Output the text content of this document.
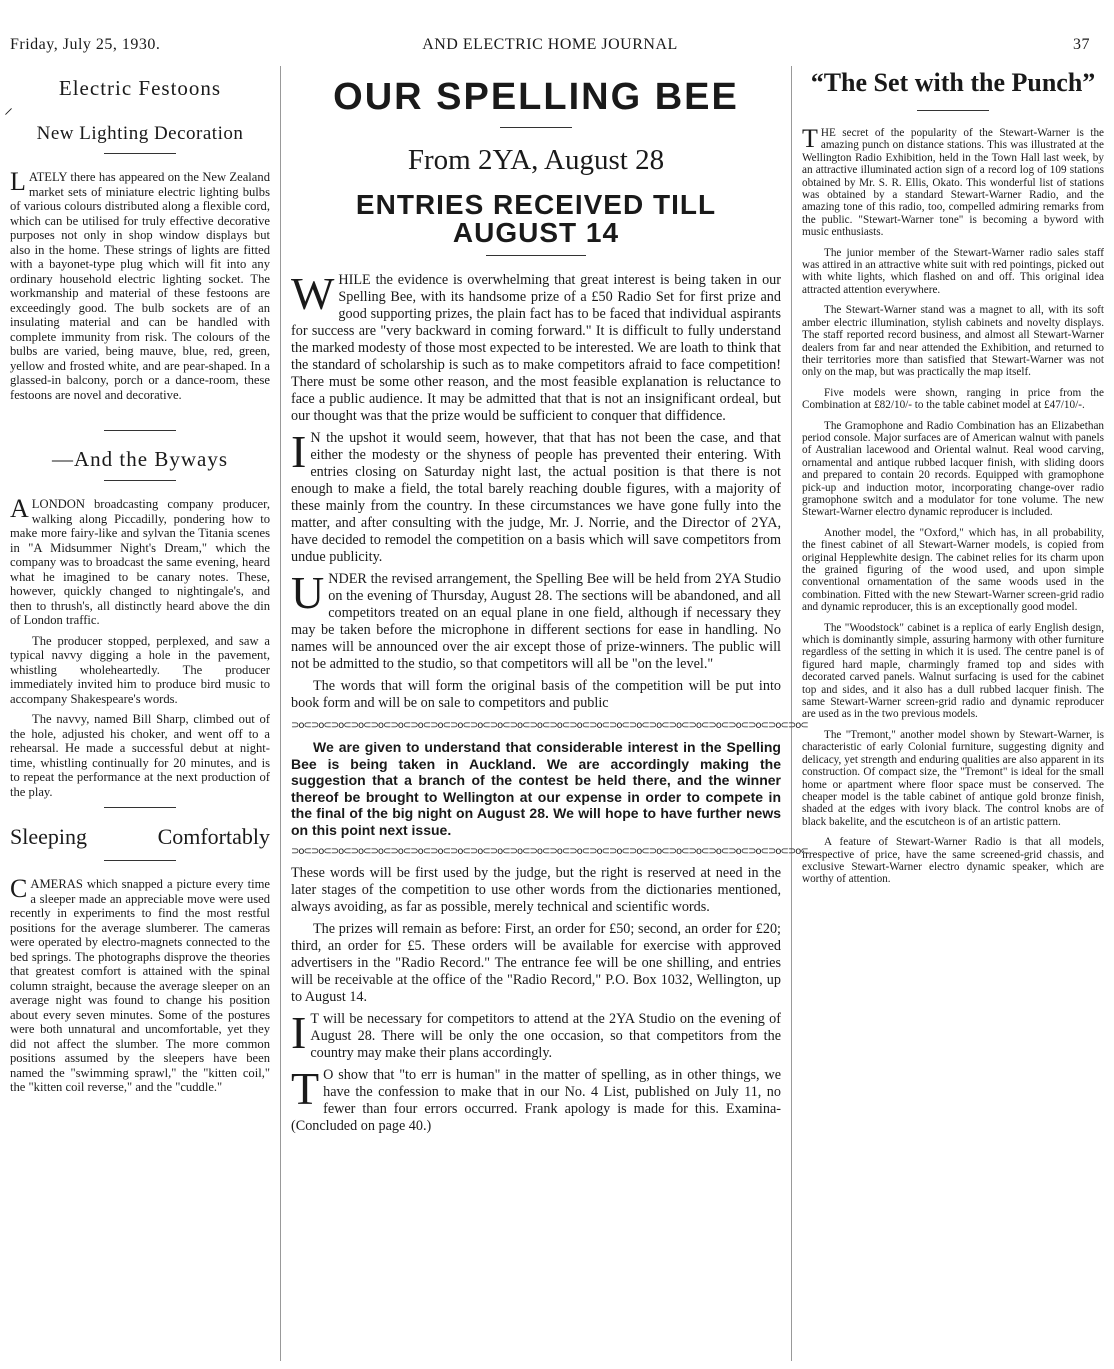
Friday, July 25, 1930.	AND ELECTRIC HOME JOURNAL	37
Electric Festoons
⸍
New Lighting Decoration

LATELY there has appeared on the New Zealand market sets of miniature electric lighting bulbs of various colours distributed along a flexible cord, which can be utilised for truly effective decorative purposes not only in shop window displays but also in the home. These strings of lights are fitted with a bayonet-type plug which will fit into any ordinary household electric lighting socket. The workmanship and material of these festoons are exceedingly good. The bulb sockets are of an insulating material and can be handled with complete immunity from risk. The colours of the bulbs are varied, being mauve, blue, red, green, yellow and frosted white, and are pear-shaped. In a glassed-in balcony, porch or a dance-room, these festoons are novel and decorative.

—And the Byways

ALONDON broadcasting company producer, walking along Piccadilly, pondering how to make more fairy-like and sylvan the Titania scenes in "A Midsummer Night's Dream," which the company was to broadcast the same evening, heard what he imagined to be canary notes. These, however, quickly changed to nightingale's, and then to thrush's, all distinctly heard above the din of London traffic.

The producer stopped, perplexed, and saw a typical navvy digging a hole in the pavement, whistling wholeheartedly. The producer immediately invited him to produce bird music to accompany Shakespeare's words.

The navvy, named Bill Sharp, climbed out of the hole, adjusted his choker, and went off to a rehearsal. He made a successful debut at night-time, whistling continually for 20 minutes, and is to repeat the performance at the next production of the play.

Sleeping	Comfortably

CAMERAS which snapped a picture every time a sleeper made an appreciable move were used recently in experiments to find the most restful positions for the average slumberer. The cameras were operated by electro-magnets connected to the bed springs. The photographs disprove the theories that greatest comfort is attained with the spinal column straight, because the average sleeper on an average night was found to change his position about every seven minutes. Some of the postures were both unnatural and uncomfortable, yet they did not affect the slumber. The more common positions assumed by the sleepers have been named the "swimming sprawl," the "kitten coil," the "kitten coil reverse," and the "cuddle."

OUR SPELLING BEE
From 2YA, August 28
ENTRIES RECEIVED TILL AUGUST 14

WHILE the evidence is overwhelming that great interest is being taken in our Spelling Bee, with its handsome prize of a £50 Radio Set for first prize and good supporting prizes, the plain fact has to be faced that individual aspirants for success are "very backward in coming forward." It is difficult to fully understand the marked modesty of those most expected to be interested. We are loath to think that the standard of scholarship is such as to make competitors afraid to face competition! There must be some other reason, and the most feasible explanation is reluctance to face a public audience. It may be admitted that that is not an insignificant ordeal, but our thought was that the prize would be sufficient to conquer that diffidence.

I N the upshot it would seem, however, that that has not been the case, and that either the modesty or the shyness of people has prevented their entering. With entries closing on Saturday night last, the actual position is that there is not enough to make a field, the total barely reaching double figures, with a majority of these mainly from the country. In these circumstances we have gone fully into the matter, and after consulting with the judge, Mr. J. Norrie, and the Director of 2YA, have decided to remodel the competition on a basis which will save competitors from undue publicity.

UNDER the revised arrangement, the Spelling Bee will be held from 2YA Studio on the evening of Thursday, August 28. The sections will be abandoned, and all competitors treated on an equal plane in one field, although if necessary they may be taken before the microphone in different sections for ease in handling. No names will be announced over the air except those of prize-winners. The public will not be admitted to the studio, so that competitors will all be "on the level."

The words that will form the original basis of the competition will be put into book form and will be on sale to competitors and public

⊃o⊂⊃o⊂⊃o⊂⊃o⊂⊃o⊂⊃o⊂⊃o⊂⊃o⊂⊃o⊂⊃o⊂⊃o⊂⊃o⊂⊃o⊂⊃o⊂⊃o⊂⊃o⊂⊃o⊂⊃o⊂⊃o⊂⊃o⊂⊃o⊂⊃o⊂⊃o⊂⊃o⊂⊃o⊂⊃o⊂

We are given to understand that considerable interest in the Spelling Bee is being taken in Auckland. We are accordingly making the suggestion that a branch of the contest be held there, and the winner thereof be brought to Wellington at our expense in order to compete in the final of the big night on August 28. We will hope to have further news on this point next issue.

⊃o⊂⊃o⊂⊃o⊂⊃o⊂⊃o⊂⊃o⊂⊃o⊂⊃o⊂⊃o⊂⊃o⊂⊃o⊂⊃o⊂⊃o⊂⊃o⊂⊃o⊂⊃o⊂⊃o⊂⊃o⊂⊃o⊂⊃o⊂⊃o⊂⊃o⊂⊃o⊂⊃o⊂⊃o⊂⊃o⊂

These words will be first used by the judge, but the right is reserved at need in the later stages of the competition to use other words from the dictionaries mentioned, always avoiding, as far as possible, merely technical and scientific words.

The prizes will remain as before: First, an order for £50; second, an order for £20; third, an order for £5. These orders will be available for exercise with approved advertisers in the "Radio Record." The entrance fee will be one shilling, and entries will be receivable at the office of the "Radio Record," P.O. Box 1032, Wellington, up to August 14.

I T will be necessary for competitors to attend at the 2YA Studio on the evening of August 28. There will be only the one occasion, so that competitors from the country may make their plans accordingly.

T O show that "to err is human" in the matter of spelling, as in other things, we have the confession to make that in our No. 4 List, published on July 11, no fewer than four errors occurred. Frank apology is made for this. Examina- (Concluded on page 40.)

“The Set with the Punch”

THE secret of the popularity of the Stewart-Warner is the amazing punch on distance stations. This was illustrated at the Wellington Radio Exhibition, held in the Town Hall last week, by an attractive illuminated action sign of a record log of 109 stations obtained by Mr. S. R. Ellis, Okato. This wonderful list of stations was obtained by a standard Stewart-Warner Radio, and the amazing tone of this radio, too, compelled admiring remarks from the public. "Stewart-Warner tone" is becoming a byword with music enthusiasts.

The junior member of the Stewart-Warner radio sales staff was attired in an attractive white suit with red pointings, picked out with white lights, which flashed on and off. This original idea attracted attention everywhere.

The Stewart-Warner stand was a magnet to all, with its soft amber electric illumination, stylish cabinets and novelty displays. The staff reported record business, and almost all Stewart-Warner dealers from far and near attended the Exhibition, and returned to their territories more than satisfied that Stewart-Warner was not only on the map, but was practically the map itself.

Five models were shown, ranging in price from the Combination at £82/10/- to the table cabinet model at £47/10/-.

The Gramophone and Radio Combination has an Elizabethan period console. Major surfaces are of American walnut with panels of Australian lacewood and Oriental walnut. Real wood carving, ornamental and antique rubbed lacquer finish, with sliding doors and prepared to contain 20 records. Equipped with gramophone pick-up and induction motor, incorporating change-over radio gramophone switch and a modulator for tone volume. The new Stewart-Warner electro dynamic reproducer is included.

Another model, the "Oxford," which has, in all probability, the finest cabinet of all Stewart-Warner models, is copied from original Hepplewhite design. The cabinet relies for its charm upon the grained figuring of the wood used, and upon simple conventional ornamentation of the same woods used in the combination. Fitted with the new Stewart-Warner screen-grid radio and dynamic reproducer, this is an exceptionally good model.

The "Woodstock" cabinet is a replica of early English design, which is dominantly simple, assuring harmony with other furniture regardless of the setting in which it is used. The centre panel is of figured hard maple, charmingly framed top and sides with decorated carved panels. Walnut surfacing is used for the cabinet top and sides, and it also has a dull rubbed lacquer finish. The same Stewart-Warner screen-grid radio and dynamic reproducer are used as in the two previous models.

The "Tremont," another model shown by Stewart-Warner, is characteristic of early Colonial furniture, suggesting dignity and delicacy, yet strength and enduring qualities are also apparent in its construction. Of compact size, the "Tremont" is ideal for the small home or apartment where floor space must be conserved. The cheaper model is the table cabinet of antique gold bronze finish, shaded at the edges with ivory black. The control knobs are of black bakelite, and the escutcheon is of an artistic pattern.

A feature of Stewart-Warner Radio is that all models, irrespective of price, have the same screened-grid chassis, and exclusive Stewart-Warner electro dynamic speaker, which are worthy of attention.
